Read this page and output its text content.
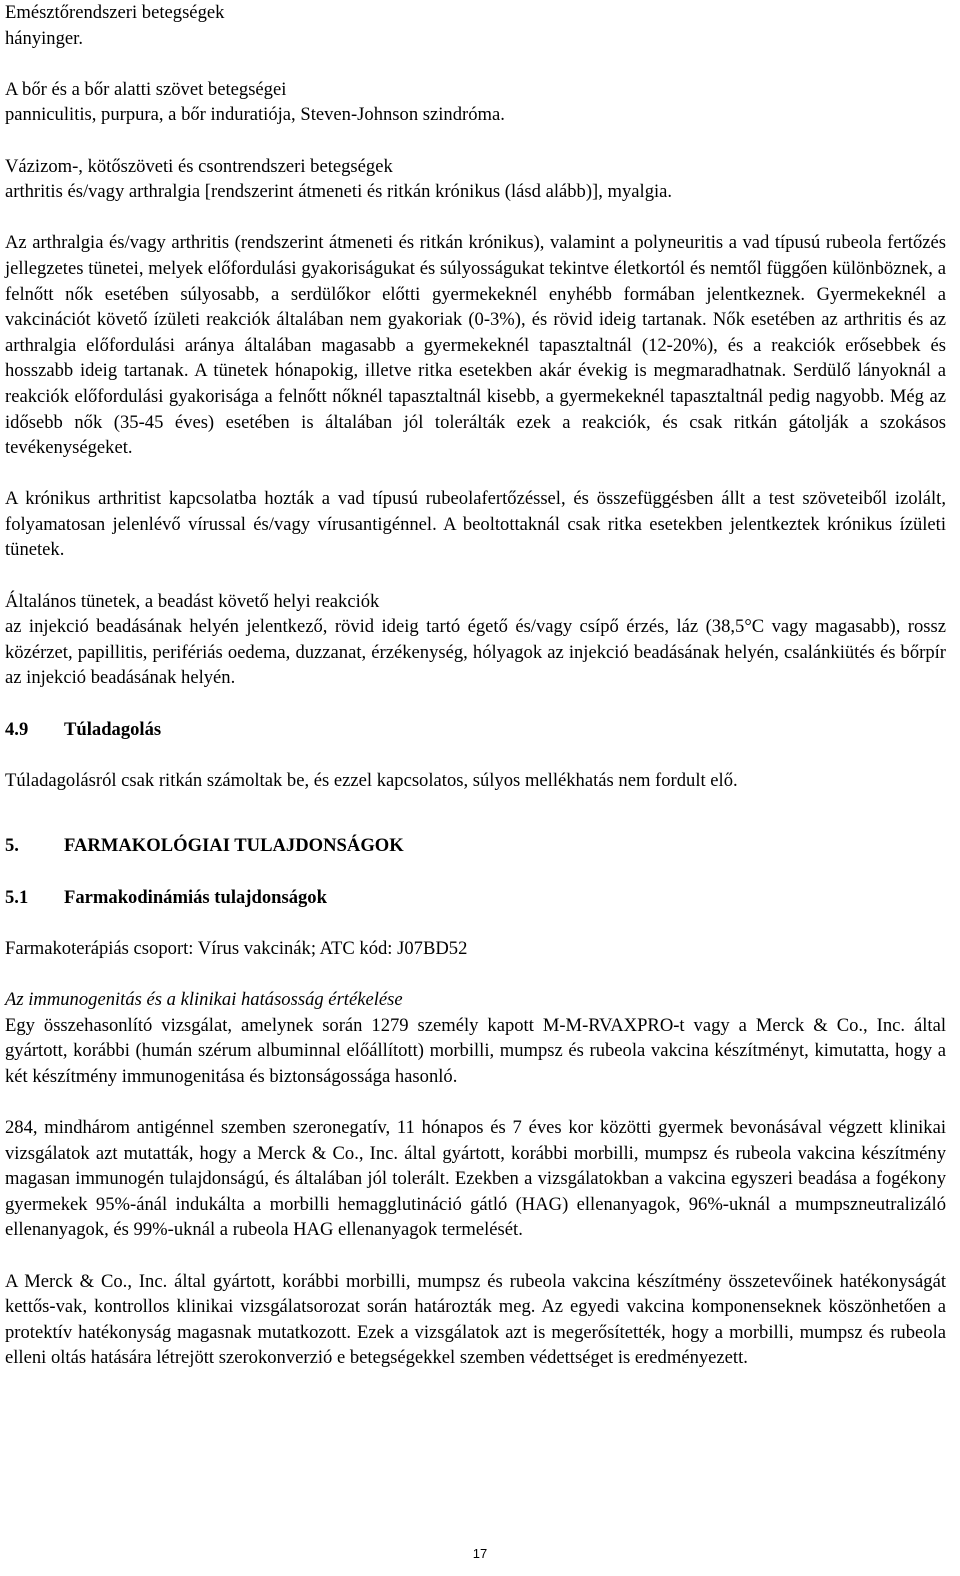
Emésztőrendszeri betegségek

hányinger.

A bőr és a bőr alatti szövet betegségei

panniculitis, purpura, a bőr induratiója, Steven-Johnson szindróma.

Vázizom-, kötőszöveti és csontrendszeri betegségek

arthritis és/vagy arthralgia [rendszerint átmeneti és ritkán krónikus (lásd alább)], myalgia.

Az arthralgia és/vagy arthritis (rendszerint átmeneti és ritkán krónikus), valamint a polyneuritis a vad típusú rubeola fertőzés jellegzetes tünetei, melyek előfordulási gyakoriságukat és súlyosságukat tekintve életkortól és nemtől függően különböznek, a felnőtt nők esetében súlyosabb, a serdülőkor előtti gyermekeknél enyhébb formában jelentkeznek. Gyermekeknél a vakcinációt követő ízületi reakciók általában nem gyakoriak (0-3%), és rövid ideig tartanak. Nők esetében az arthritis és az arthralgia előfordulási aránya általában magasabb a gyermekeknél tapasztaltnál (12-20%), és a reakciók erősebbek és hosszabb ideig tartanak. A tünetek hónapokig, illetve ritka esetekben akár évekig is megmaradhatnak. Serdülő lányoknál a reakciók előfordulási gyakorisága a felnőtt nőknél tapasztaltnál kisebb, a gyermekeknél tapasztaltnál pedig nagyobb. Még az idősebb nők (35-45 éves) esetében is általában jól tolerálták ezek a reakciók, és csak ritkán gátolják a szokásos tevékenységeket.

A krónikus arthritist kapcsolatba hozták a vad típusú rubeolafertőzéssel, és összefüggésben állt a test szöveteiből izolált, folyamatosan jelenlévő vírussal és/vagy vírusantigénnel. A beoltottaknál csak ritka esetekben jelentkeztek krónikus ízületi tünetek.

Általános tünetek, a beadást követő helyi reakciók

az injekció beadásának helyén jelentkező, rövid ideig tartó égető és/vagy csípő érzés, láz (38,5°C vagy magasabb), rossz közérzet, papillitis, perifériás oedema, duzzanat, érzékenység, hólyagok az injekció beadásának helyén, csalánkiütés és bőrpír az injekció beadásának helyén.

4.9 Túladagolás

Túladagolásról csak ritkán számoltak be, és ezzel kapcsolatos, súlyos mellékhatás nem fordult elő.

5. FARMAKOLÓGIAI TULAJDONSÁGOK

5.1 Farmakodinámiás tulajdonságok

Farmakoterápiás csoport: Vírus vakcinák; ATC kód: J07BD52

Az immunogenitás és a klinikai hatásosság értékelése

Egy összehasonlító vizsgálat, amelynek során 1279 személy kapott M-M-RVAXPRO-t vagy a Merck & Co., Inc. által gyártott, korábbi (humán szérum albuminnal előállított) morbilli, mumpsz és rubeola vakcina készítményt, kimutatta, hogy a két készítmény immunogenitása és biztonságossága hasonló.

284, mindhárom antigénnel szemben szeronegatív, 11 hónapos és 7 éves kor közötti gyermek bevonásával végzett klinikai vizsgálatok azt mutatták, hogy a Merck & Co., Inc. által gyártott, korábbi morbilli, mumpsz és rubeola vakcina készítmény magasan immunogén tulajdonságú, és általában jól tolerált. Ezekben a vizsgálatokban a vakcina egyszeri beadása a fogékony gyermekek 95%-ánál indukálta a morbilli hemagglutináció gátló (HAG) ellenanyagok, 96%-uknál a mumpszneutralizáló ellenanyagok, és 99%-uknál a rubeola HAG ellenanyagok termelését.

A Merck & Co., Inc. által gyártott, korábbi morbilli, mumpsz és rubeola vakcina készítmény összetevőinek hatékonyságát kettős-vak, kontrollos klinikai vizsgálatsorozat során határozták meg. Az egyedi vakcina komponenseknek köszönhetően a protektív hatékonyság magasnak mutatkozott. Ezek a vizsgálatok azt is megerősítették, hogy a morbilli, mumpsz és rubeola elleni oltás hatására létrejött szerokonverzió e betegségekkel szemben védettséget is eredményezett.

17
